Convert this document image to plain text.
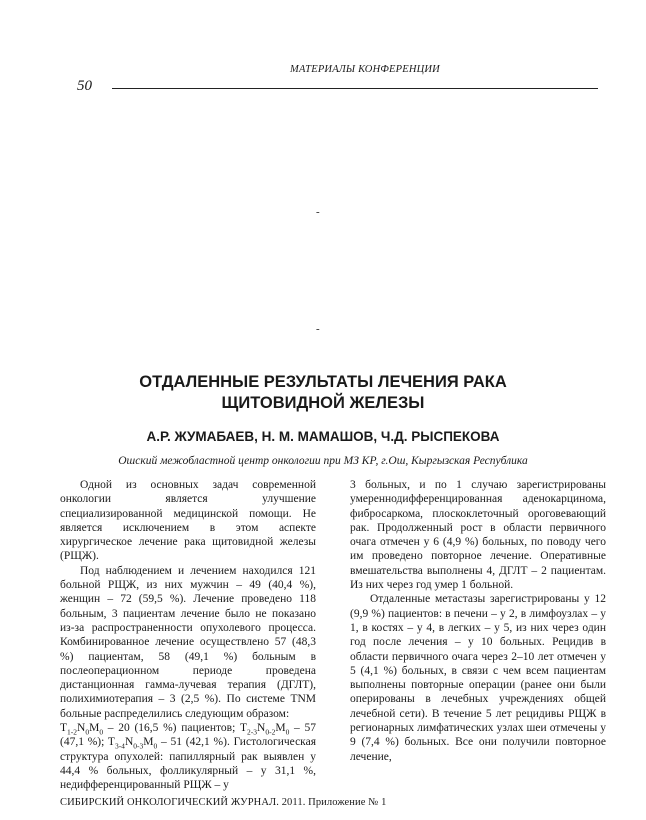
МАТЕРИАЛЫ КОНФЕРЕНЦИИ
50
-
-
ОТДАЛЕННЫЕ РЕЗУЛЬТАТЫ ЛЕЧЕНИЯ РАКА
ЩИТОВИДНОЙ ЖЕЛЕЗЫ
А.Р. ЖУМАБАЕВ, Н. М. МАМАШОВ, Ч.Д. РЫСПЕКОВА
Ошский межобластной центр онкологии при МЗ КР, г.Ош, Кыргызская Республика

Одной из основных задач современной онкологии является улучшение специализированной медицинской помощи. Не является исключением в этом аспекте хирургическое лечение рака щитовидной железы (РЩЖ).

Под наблюдением и лечением находился 121 больной РЩЖ, из них мужчин – 49 (40,4 %), женщин – 72 (59,5 %). Лечение проведено 118 больным, 3 пациентам лечение было не показано из-за распространенности опухолевого процесса. Комбинированное лечение осуществлено 57 (48,3 %) пациентам, 58 (49,1 %) больным в послеоперационном периоде проведена дистанционная гамма-лучевая терапия (ДГЛТ), полихимиотерапия – 3 (2,5 %). По системе TNM больные распределились следующим образом:

$T_{1-2}N_0M_0 - 20$ (16,5 %) пациентов; $T_{2-3}N_{0-2}M_0 - 57$ (47,1 %); $T_{3-4}N_{0-3}M_0 - 51$ (42,1 %). Гистологическая структура опухолей: папиллярный рак выявлен у 44,4 % больных, фолликулярный – у 31,1 %, недифференцированный РЩЖ – у

3 больных, и по 1 случаю зарегистрированы умереннодифференцированная аденокарцинома, фибросаркома, плоскоклеточный ороговевающий рак. Продолженный рост в области первичного очага отмечен у 6 (4,9 %) больных, по поводу чего им проведено повторное лечение. Оперативные вмешательства выполнены 4, ДГЛТ – 2 пациентам. Из них через год умер 1 больной.

Отдаленные метастазы зарегистрированы у 12 (9,9 %) пациентов: в печени – у 2, в лимфоузлах – у 1, в костях – у 4, в легких – у 5, из них через один год после лечения – у 10 больных. Рецидив в области первичного очага через 2–10 лет отмечен у 5 (4,1 %) больных, в связи с чем всем пациентам выполнены повторные операции (ранее они были оперированы в лечебных учреждениях общей лечебной сети). В течение 5 лет рецидивы РЩЖ в регионарных лимфатических узлах шеи отмечены у 9 (7,4 %) больных. Все они получили повторное лечение,

СИБИРСКИЙ ОНКОЛОГИЧЕСКИЙ ЖУРНАЛ. 2011. Приложение № 1
